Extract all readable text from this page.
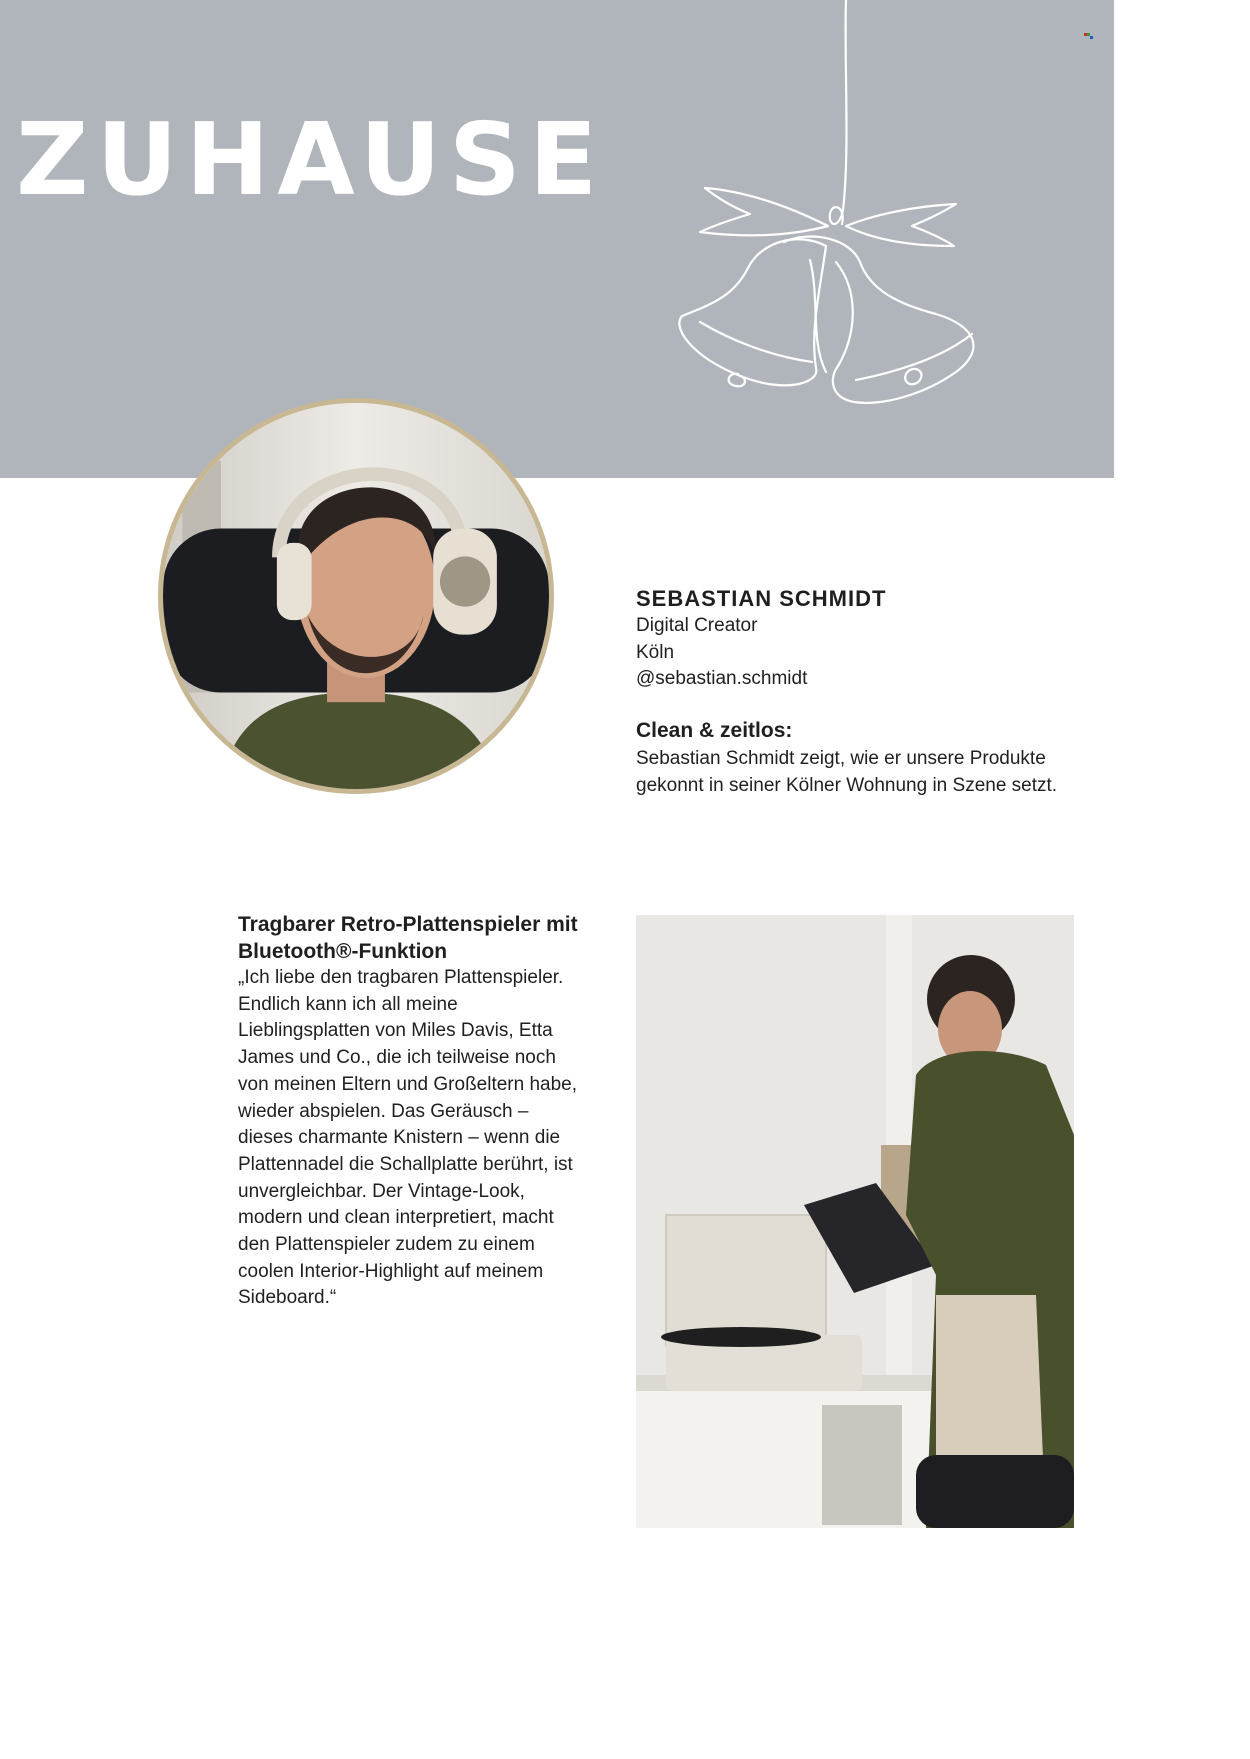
ZUHAUSE
SEBASTIAN SCHMIDT
Digital Creator
Köln
@sebastian.schmidt
Clean & zeitlos:
Sebastian Schmidt zeigt, wie er unsere Produkte gekonnt in seiner Kölner Wohnung in Szene setzt.
Tragbarer Retro-Plattenspieler mit Bluetooth®-Funktion
„Ich liebe den tragbaren Plattenspieler. Endlich kann ich all meine Lieblingsplatten von Miles Davis, Etta James und Co., die ich teilweise noch von meinen Eltern und Großeltern habe, wieder abspielen. Das Geräusch – dieses charmante Knistern – wenn die Plattennadel die Schallplatte berührt, ist unvergleichbar. Der Vintage-Look, modern und clean interpretiert, macht den Plattenspieler zudem zu einem coolen Interior-Highlight auf meinem Sideboard.“
